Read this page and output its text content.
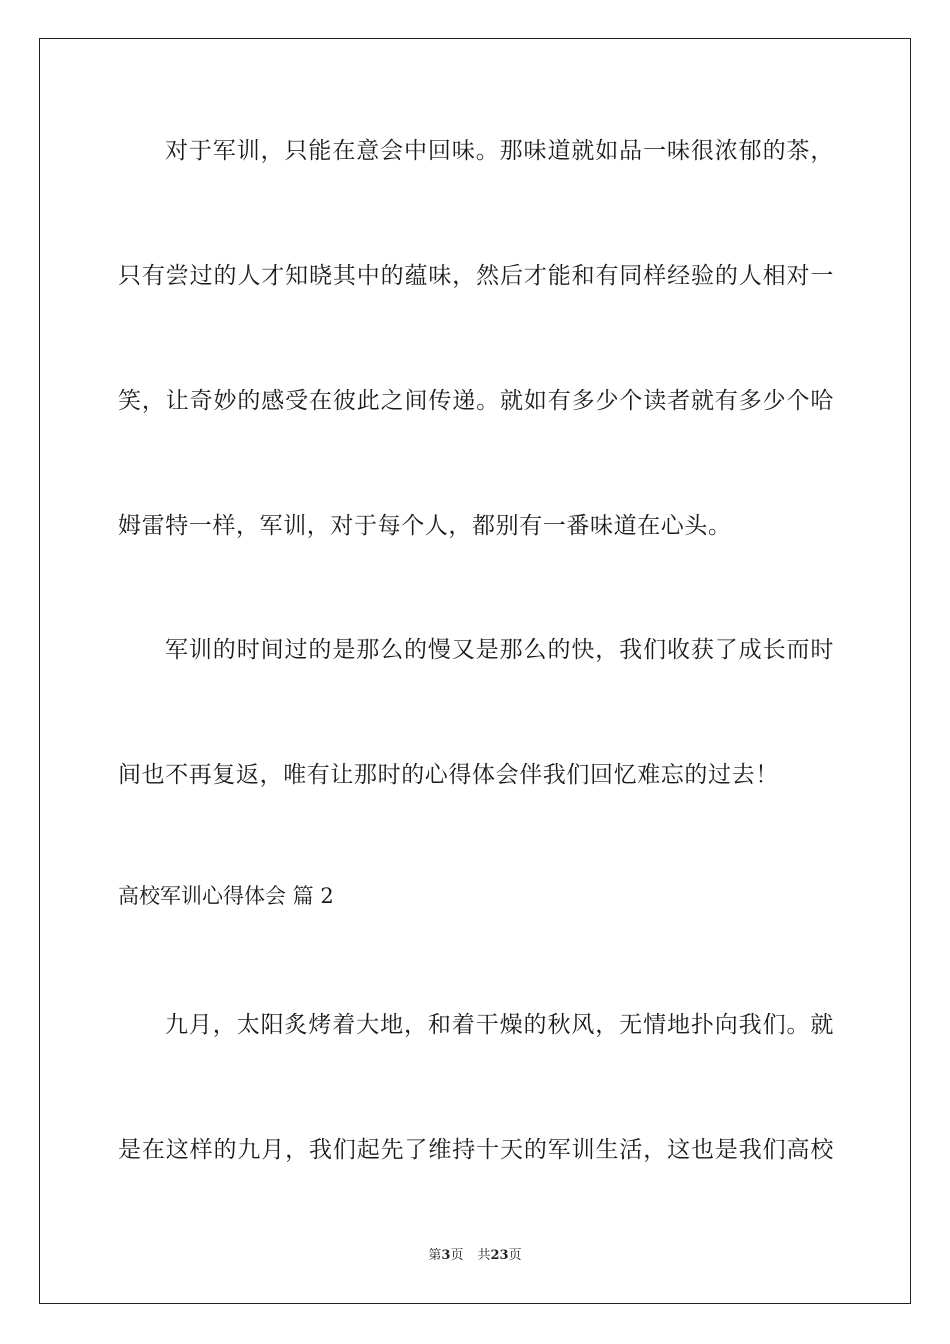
对于军训，只能在意会中回味。那味道就如品一味很浓郁的茶，
只有尝过的人才知晓其中的蕴味，然后才能和有同样经验的人相对一
笑，让奇妙的感受在彼此之间传递。就如有多少个读者就有多少个哈
姆雷特一样，军训，对于每个人，都别有一番味道在心头。
军训的时间过的是那么的慢又是那么的快，我们收获了成长而时
间也不再复返，唯有让那时的心得体会伴我们回忆难忘的过去！
高校军训心得体会 篇 2
九月，太阳炙烤着大地，和着干燥的秋风，无情地扑向我们。就
是在这样的九月，我们起先了维持十天的军训生活，这也是我们高校
第3页 共23页
